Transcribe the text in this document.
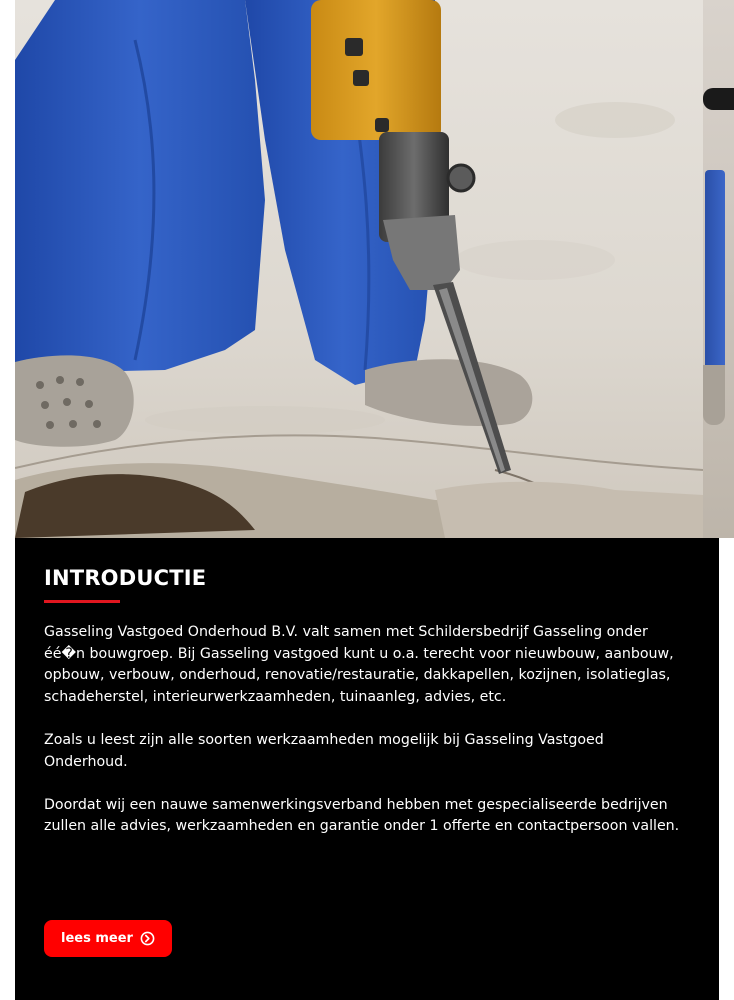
INTRODUCTIE

Gasseling Vastgoed Onderhoud B.V. valt samen met Schildersbedrijf Gasseling onder éé�n bouwgroep. Bij Gasseling vastgoed kunt u o.a. terecht voor nieuwbouw, aanbouw, opbouw, verbouw, onderhoud, renovatie/restauratie, dakkapellen, kozijnen, isolatieglas, schadeherstel, interieurwerkzaamheden, tuinaanleg, advies, etc.

Zoals u leest zijn alle soorten werkzaamheden mogelijk bij Gasseling Vastgoed Onderhoud.

Doordat wij een nauwe samenwerkingsverband hebben met gespecialiseerde bedrijven zullen alle advies, werkzaamheden en garantie onder 1 offerte en contactpersoon vallen.

lees meer
